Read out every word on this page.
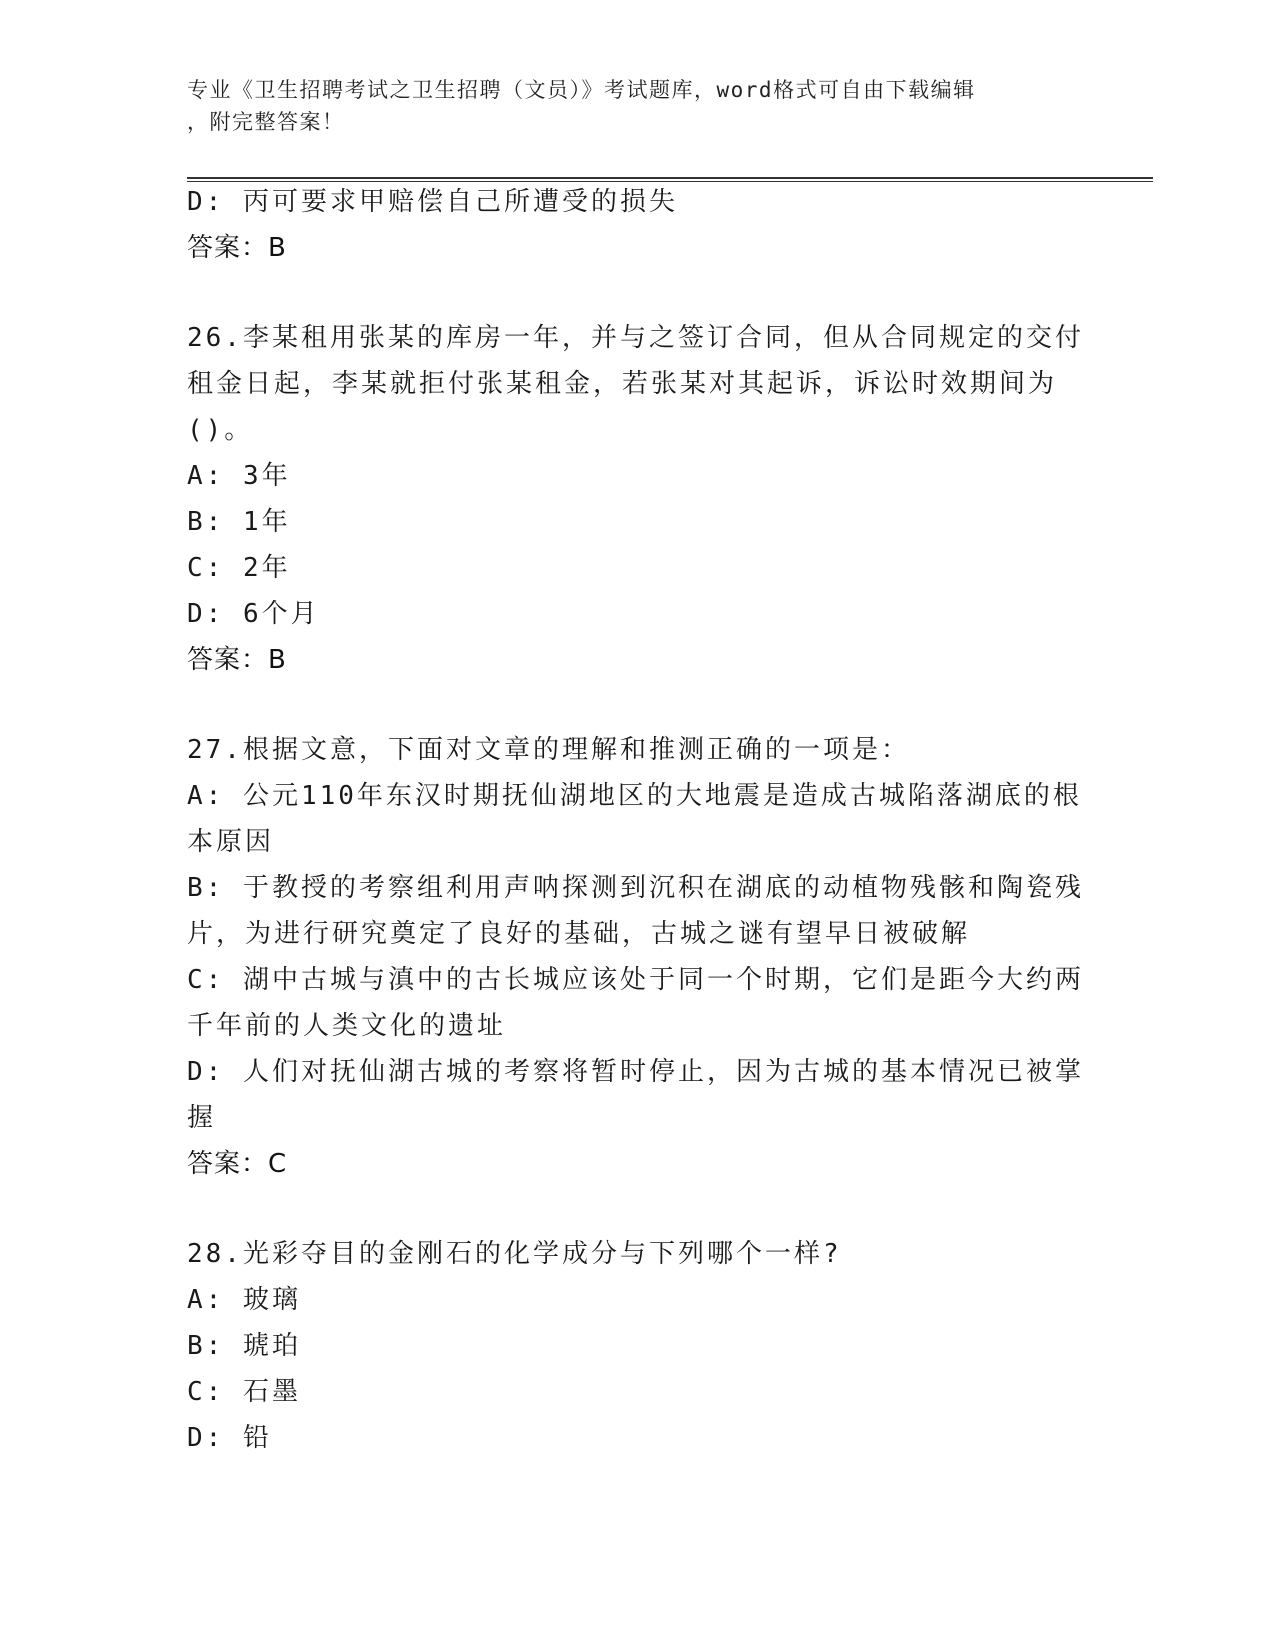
专业《卫生招聘考试之卫生招聘（文员）》考试题库，word格式可自由下载编辑
，附完整答案！
D: 丙可要求甲赔偿自己所遭受的损失
答案：B
26.李某租用张某的库房一年，并与之签订合同，但从合同规定的交付
租金日起，李某就拒付张某租金，若张某对其起诉，诉讼时效期间为
()。
A: 3年
B: 1年
C: 2年
D: 6个月
答案：B
27.根据文意，下面对文章的理解和推测正确的一项是：
A: 公元110年东汉时期抚仙湖地区的大地震是造成古城陷落湖底的根
本原因
B: 于教授的考察组利用声呐探测到沉积在湖底的动植物残骸和陶瓷残
片，为进行研究奠定了良好的基础，古城之谜有望早日被破解
C: 湖中古城与滇中的古长城应该处于同一个时期，它们是距今大约两
千年前的人类文化的遗址
D: 人们对抚仙湖古城的考察将暂时停止，因为古城的基本情况已被掌
握
答案：C
28.光彩夺目的金刚石的化学成分与下列哪个一样?
A: 玻璃
B: 琥珀
C: 石墨
D: 铅
